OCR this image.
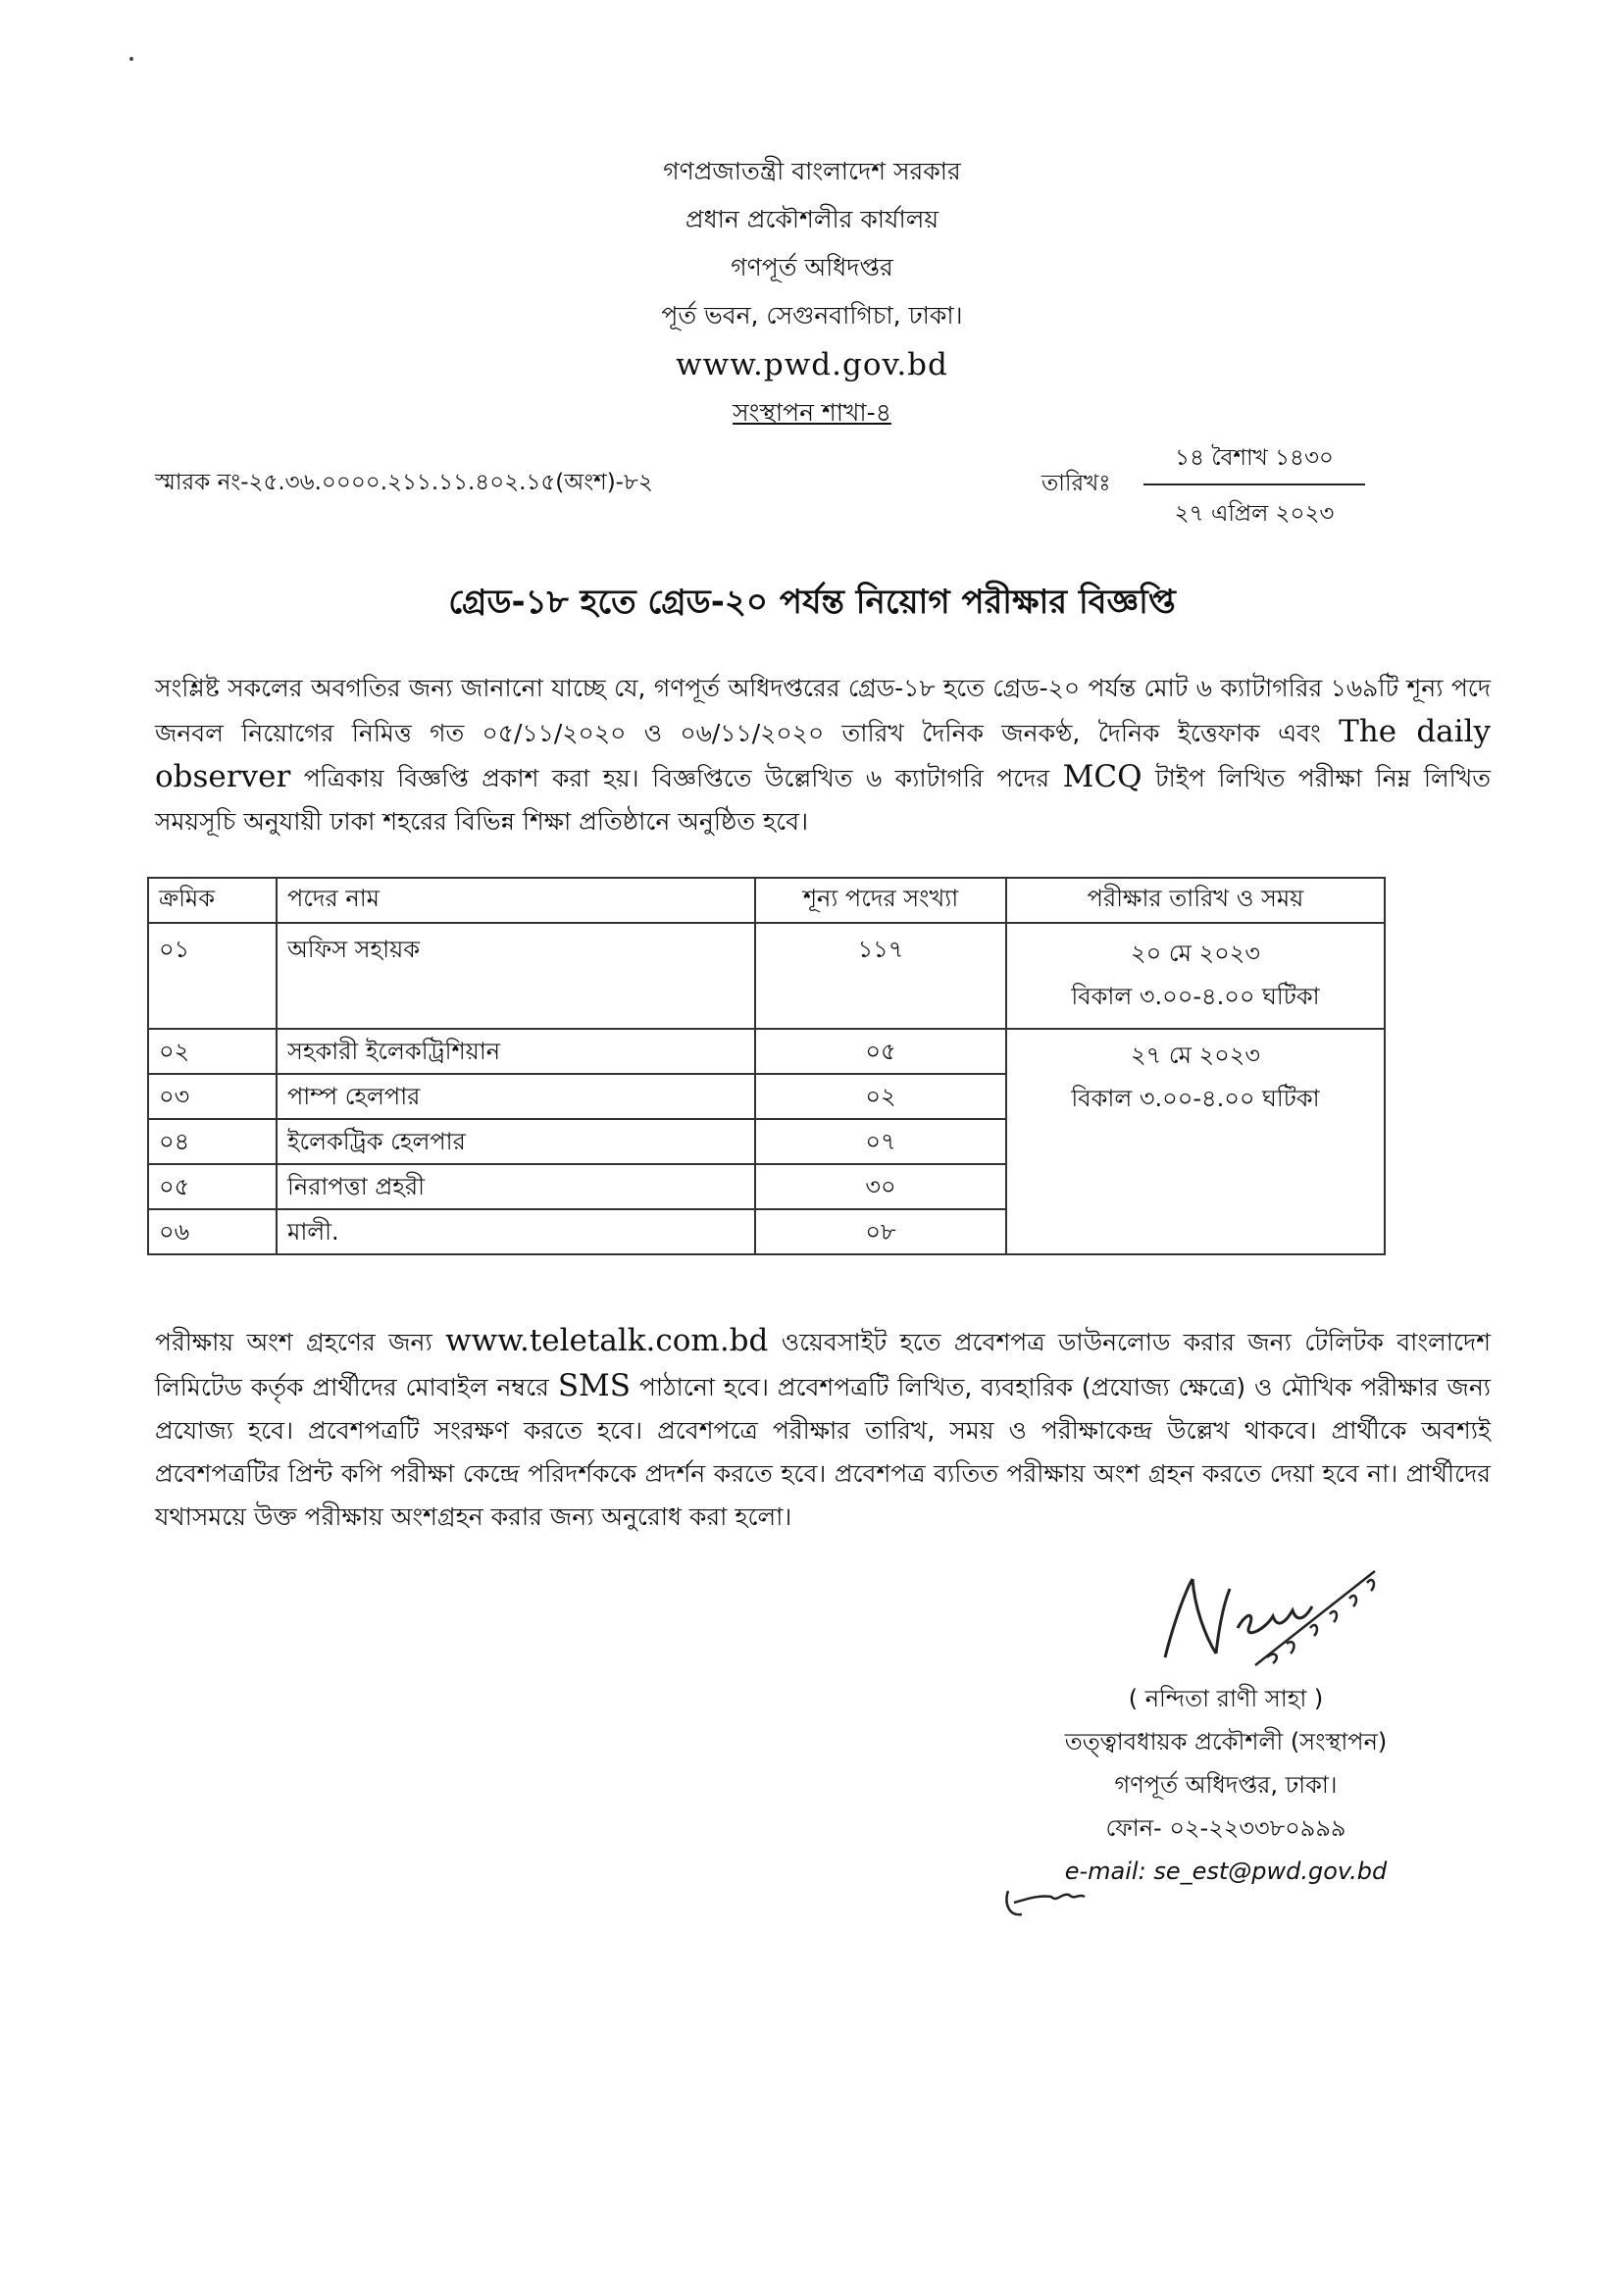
গণপ্রজাতন্ত্রী বাংলাদেশ সরকার
প্রধান প্রকৌশলীর কার্যালয়
গণপূর্ত অধিদপ্তর
পূর্ত ভবন, সেগুনবাগিচা, ঢাকা।
www.pwd.gov.bd
সংস্থাপন শাখা-৪
স্মারক নং-২৫.৩৬.০০০০.২১১.১১.৪০২.১৫(অংশ)-৮২	তারিখঃ
১৪ বৈশাখ ১৪৩০
২৭ এপ্রিল ২০২৩
গ্রেড-১৮ হতে গ্রেড-২০ পর্যন্ত নিয়োগ পরীক্ষার বিজ্ঞপ্তি
সংশ্লিষ্ট সকলের অবগতির জন্য জানানো যাচ্ছে যে, গণপূর্ত অধিদপ্তরের গ্রেড-১৮ হতে গ্রেড-২০ পর্যন্ত মোট ৬ ক্যাটাগরির ১৬৯টি শূন্য পদে জনবল নিয়োগের নিমিত্ত গত ০৫/১১/২০২০ ও ০৬/১১/২০২০ তারিখ দৈনিক জনকণ্ঠ, দৈনিক ইত্তেফাক এবং The daily observer পত্রিকায় বিজ্ঞপ্তি প্রকাশ করা হয়। বিজ্ঞপ্তিতে উল্লেখিত ৬ ক্যাটাগরি পদের MCQ টাইপ লিখিত পরীক্ষা নিম্ন লিখিত সময়সূচি অনুযায়ী ঢাকা শহরের বিভিন্ন শিক্ষা প্রতিষ্ঠানে অনুষ্ঠিত হবে।
ক্রমিক	পদের নাম	শূন্য পদের সংখ্যা	পরীক্ষার তারিখ ও সময়
০১	অফিস সহায়ক	১১৭	২০ মে ২০২৩
বিকাল ৩.০০-৪.০০ ঘটিকা

০২	সহকারী ইলেকট্রিশিয়ান	০৫	২৭ মে ২০২৩
বিকাল ৩.০০-৪.০০ ঘটিকা

০৩	পাম্প হেলপার	০২	
০৪	ইলেকট্রিক হেলপার	০৭	
০৫	নিরাপত্তা প্রহরী	৩০	
০৬	মালী.	০৮	
পরীক্ষায় অংশ গ্রহণের জন্য www.teletalk.com.bd ওয়েবসাইট হতে প্রবেশপত্র ডাউনলোড করার জন্য টেলিটক বাংলাদেশ লিমিটেড কর্তৃক প্রার্থীদের মোবাইল নম্বরে SMS পাঠানো হবে। প্রবেশপত্রটি লিখিত, ব্যবহারিক (প্রযোজ্য ক্ষেত্রে) ও মৌখিক পরীক্ষার জন্য প্রযোজ্য হবে। প্রবেশপত্রটি সংরক্ষণ করতে হবে। প্রবেশপত্রে পরীক্ষার তারিখ, সময় ও পরীক্ষাকেন্দ্র উল্লেখ থাকবে। প্রার্থীকে অবশ্যই প্রবেশপত্রটির প্রিন্ট কপি পরীক্ষা কেন্দ্রে পরিদর্শককে প্রদর্শন করতে হবে। প্রবেশপত্র ব্যতিত পরীক্ষায় অংশ গ্রহন করতে দেয়া হবে না। প্রার্থীদের যথাসময়ে উক্ত পরীক্ষায় অংশগ্রহন করার জন্য অনুরোধ করা হলো।
( নন্দিতা রাণী সাহা )
তত্ত্বাবধায়ক প্রকৌশলী (সংস্থাপন)
গণপূর্ত অধিদপ্তর, ঢাকা।
ফোন- ০২-২২৩৩৮০৯৯৯
e-mail: se_est@pwd.gov.bd
